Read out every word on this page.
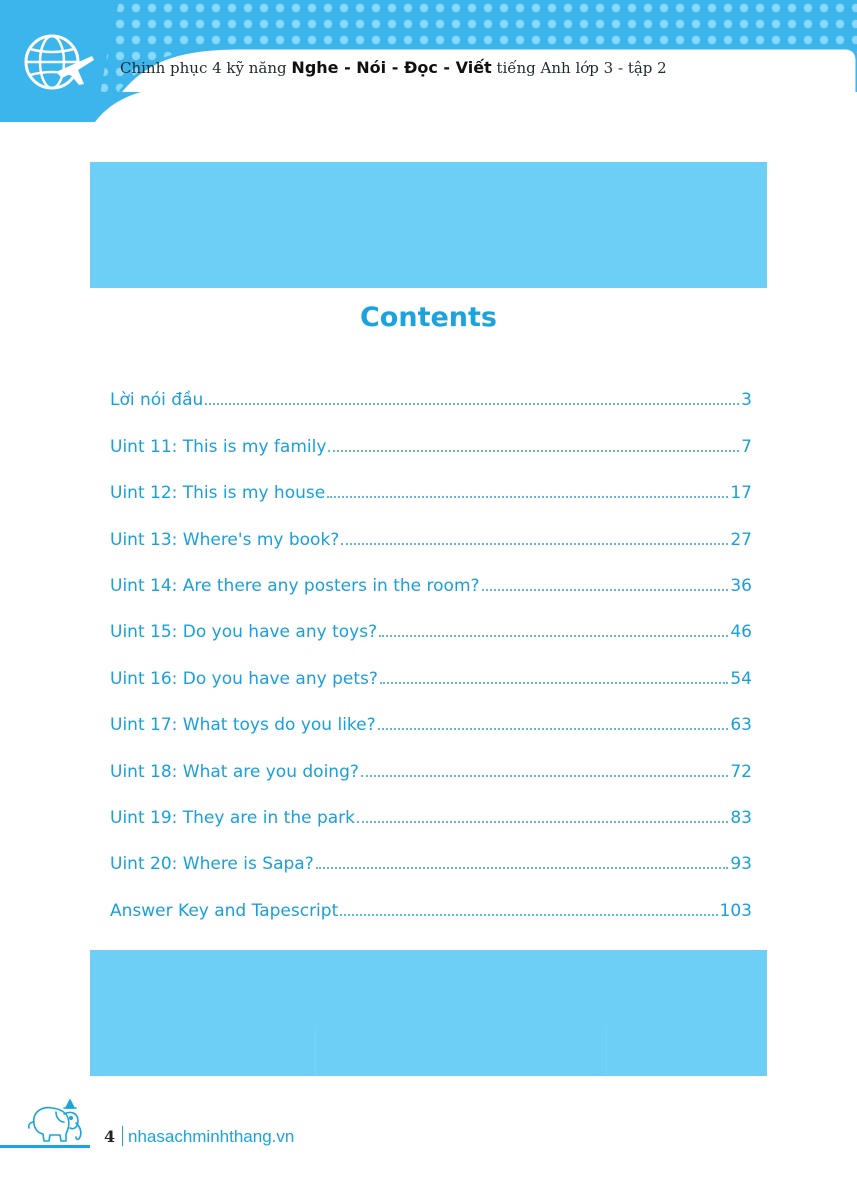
Chinh phục 4 kỹ năng Nghe - Nói - Đọc - Viết tiếng Anh lớp 3 - tập 2
Contents
Lời nói đầu	3
Uint 11: This is my family	7
Uint 12: This is my house	17
Uint 13: Where's my book?	27
Uint 14: Are there any posters in the room?	36
Uint 15: Do you have any toys?	46
Uint 16: Do you have any pets?	54
Uint 17: What toys do you like?	63
Uint 18: What are you doing?	72
Uint 19: They are in the park	83
Uint 20: Where is Sapa?	93
Answer Key and Tapescript	103
4 nhasachminhthang.vn
